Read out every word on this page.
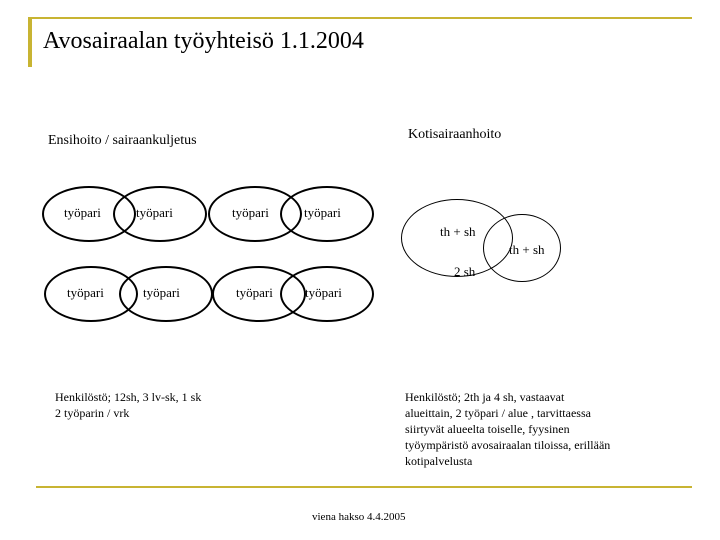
Avosairaalan työyhteisö 1.1.2004
Ensihoito / sairaankuljetus
työpari	työpari	työpari	työpari
työpari	työpari	työpari työpari
Henkilöstö; 12sh, 3 lv-sk, 1 sk
2 työparin / vrk
Kotisairaanhoito
th + sh
th + sh
2 sh
Henkilöstö; 2th ja 4 sh, vastaavat
alueittain, 2 työpari / alue , tarvittaessa
siirtyvät alueelta toiselle, fyysinen
työympäristö avosairaalan tiloissa, erillään
kotipalvelusta
viena hakso 4.4.2005
